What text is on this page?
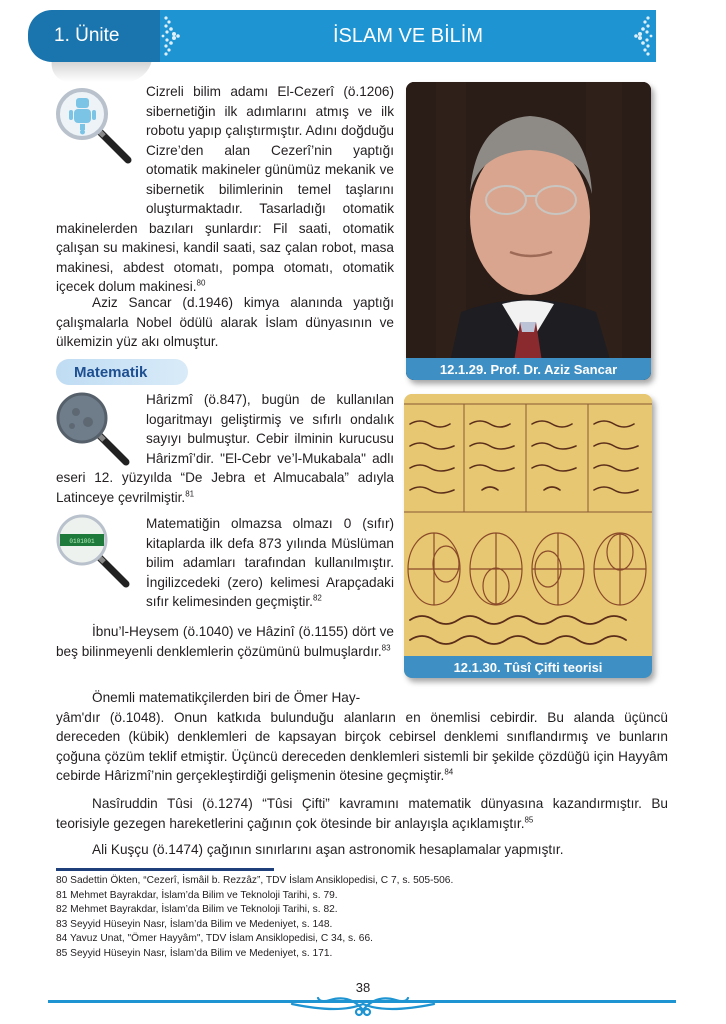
1. Ünite	İSLAM VE BİLİM
Cizreli bilim adamı El-Cezerî (ö.1206) sibernetiğin ilk adımlarını atmış ve ilk robotu yapıp çalıştırmıştır. Adını doğduğu Cizre’den alan Cezerî’nin yaptığı otomatik makineler günümüz mekanik ve sibernetik bilimlerinin temel taşlarını oluşturmaktadır. Tasarladığı otomatik makinelerden bazıları şunlardır: Fil saati, otomatik çalışan su makinesi, kandil saati, saz çalan robot, masa makinesi, abdest otomatı, pompa otomatı, otomatik içecek dolum makinesi.$^{80}$
Aziz Sancar (d.1946) kimya alanında yaptığı çalışmalarla Nobel ödülü alarak İslam dünyasının ve ülkemizin yüz akı olmuştur.
12.1.29. Prof. Dr. Aziz Sancar
Matematik
Hârizmî (ö.847), bugün de kullanılan logaritmayı geliştirmiş ve sıfırlı ondalık sayıyı bulmuştur. Cebir ilminin kurucusu Hârizmî’dir. "El-Cebr ve’l-Mukabala" adlı eseri 12. yüzyılda “De Jebra et Almucabala” adıyla Latinceye çevrilmiştir.$^{81}$
0101001
Matematiğin olmazsa olmazı 0 (sıfır) kitaplarda ilk defa 873 yılında Müslüman bilim adamları tarafından kullanılmıştır. İngilizcedeki (zero) kelimesi Arapçadaki sıfır kelimesinden geçmiştir.$^{82}$
İbnu’l-Heysem (ö.1040) ve Hâzinî (ö.1155) dört ve beş bilinmeyenli denklemlerin çözümünü bulmuşlardır.$^{83}$
12.1.30. Tûsî Çifti teorisi
Önemli matematikçilerden biri de Ömer Hay-
yâm'dır (ö.1048). Onun katkıda bulunduğu alanların en önemlisi cebirdir. Bu alanda üçüncü dereceden (kübik) denklemleri de kapsayan birçok cebirsel denklemi sınıflandırmış ve bunların çoğuna çözüm teklif etmiştir. Üçüncü dereceden denklemleri sistemli bir şekilde çözdüğü için Hayyâm cebirde Hârizmî’nin gerçekleştirdiği gelişmenin ötesine geçmiştir.$^{84}$
Nasîruddin Tûsi (ö.1274) “Tûsi Çifti” kavramını matematik dünyasına kazandırmıştır. Bu teorisiyle gezegen hareketlerini çağının çok ötesinde bir anlayışla açıklamıştır.$^{85}$
Ali Kuşçu (ö.1474) çağının sınırlarını aşan astronomik hesaplamalar yapmıştır.
80 Sadettin Ökten, “Cezerî, İsmâil b. Rezzâz”, TDV İslam Ansiklopedisi, C 7, s. 505-506.
81 Mehmet Bayrakdar, İslam’da Bilim ve Teknoloji Tarihi, s. 79.
82 Mehmet Bayrakdar, İslam’da Bilim ve Teknoloji Tarihi, s. 82.
83 Seyyid Hüseyin Nasr, İslam’da Bilim ve Medeniyet, s. 148.
84 Yavuz Unat, "Ömer Hayyâm", TDV İslam Ansiklopedisi, C 34, s. 66.
85 Seyyid Hüseyin Nasr, İslam’da Bilim ve Medeniyet, s. 171.
38
